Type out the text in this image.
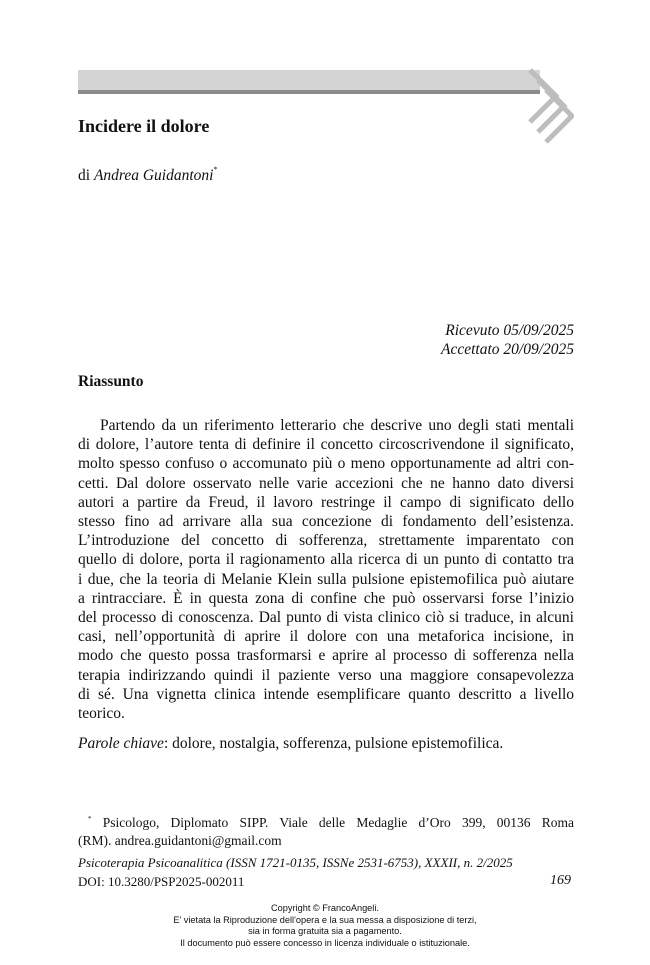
Incidere il dolore
di Andrea Guidantoni*
Ricevuto 05/09/2025
Accettato 20/09/2025
Riassunto
Partendo da un riferimento letterario che descrive uno degli stati mentali
di dolore, l’autore tenta di definire il concetto circoscrivendone il significato,
molto spesso confuso o accomunato più o meno opportunamente ad altri con-
cetti. Dal dolore osservato nelle varie accezioni che ne hanno dato diversi
autori a partire da Freud, il lavoro restringe il campo di significato dello
stesso fino ad arrivare alla sua concezione di fondamento dell’esistenza.
L’introduzione del concetto di sofferenza, strettamente imparentato con
quello di dolore, porta il ragionamento alla ricerca di un punto di contatto tra
i due, che la teoria di Melanie Klein sulla pulsione epistemofilica può aiutare
a rintracciare. È in questa zona di confine che può osservarsi forse l’inizio
del processo di conoscenza. Dal punto di vista clinico ciò si traduce, in alcuni
casi, nell’opportunità di aprire il dolore con una metaforica incisione, in
modo che questo possa trasformarsi e aprire al processo di sofferenza nella
terapia indirizzando quindi il paziente verso una maggiore consapevolezza
di sé. Una vignetta clinica intende esemplificare quanto descritto a livello
teorico.
Parole chiave: dolore, nostalgia, sofferenza, pulsione epistemofilica.
* Psicologo, Diplomato SIPP. Viale delle Medaglie d’Oro 399, 00136 Roma
(RM). andrea.guidantoni@gmail.com
Psicoterapia Psicoanalitica (ISSN 1721-0135, ISSNe 2531-6753), XXXII, n. 2/2025
DOI: 10.3280/PSP2025-002011	169
Copyright © FrancoAngeli.
E' vietata la Riproduzione dell'opera e la sua messa a disposizione di terzi,
sia in forma gratuita sia a pagamento.
Il documento può essere concesso in licenza individuale o istituzionale.
